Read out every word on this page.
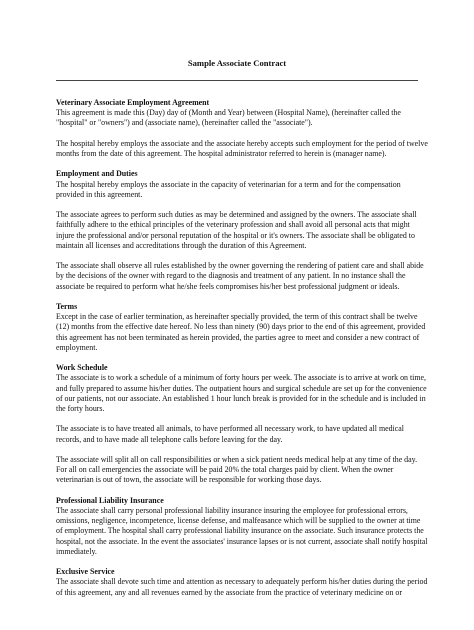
Sample Associate Contract
Veterinary Associate Employment Agreement

This agreement is made this (Day) day of (Month and Year) between (Hospital Name), (hereinafter called the "hospital" or "owners") and (associate name), (hereinafter called the "associate").

The hospital hereby employs the associate and the associate hereby accepts such employment for the period of twelve months from the date of this agreement. The hospital administrator referred to herein is (manager name).

Employment and Duties

The hospital hereby employs the associate in the capacity of veterinarian for a term and for the compensation provided in this agreement.

The associate agrees to perform such duties as may be determined and assigned by the owners. The associate shall faithfully adhere to the ethical principles of the veterinary profession and shall avoid all personal acts that might injure the professional and/or personal reputation of the hospital or it's owners. The associate shall be obligated to maintain all licenses and accreditations through the duration of this Agreement.

The associate shall observe all rules established by the owner governing the rendering of patient care and shall abide by the decisions of the owner with regard to the diagnosis and treatment of any patient. In no instance shall the associate be required to perform what he/she feels compromises his/her best professional judgment or ideals.

Terms

Except in the case of earlier termination, as hereinafter specially provided, the term of this contract shall be twelve (12) months from the effective date hereof. No less than ninety (90) days prior to the end of this agreement, provided this agreement has not been terminated as herein provided, the parties agree to meet and consider a new contract of employment.

Work Schedule

The associate is to work a schedule of a minimum of forty hours per week. The associate is to arrive at work on time, and fully prepared to assume his/her duties. The outpatient hours and surgical schedule are set up for the convenience of our patients, not our associate. An established 1 hour lunch break is provided for in the schedule and is included in the forty hours.

The associate is to have treated all animals, to have performed all necessary work, to have updated all medical records, and to have made all telephone calls before leaving for the day.

The associate will split all on call responsibilities or when a sick patient needs medical help at any time of the day. For all on call emergencies the associate will be paid 20% the total charges paid by client. When the owner veterinarian is out of town, the associate will be responsible for working those days.

Professional Liability Insurance

The associate shall carry personal professional liability insurance insuring the employee for professional errors, omissions, negligence, incompetence, license defense, and malfeasance which will be supplied to the owner at time of employment. The hospital shall carry professional liability insurance on the associate. Such insurance protects the hospital, not the associate. In the event the associates' insurance lapses or is not current, associate shall notify hospital immediately.

Exclusive Service

The associate shall devote such time and attention as necessary to adequately perform his/her duties during the period of this agreement, any and all revenues earned by the associate from the practice of veterinary medicine on or
